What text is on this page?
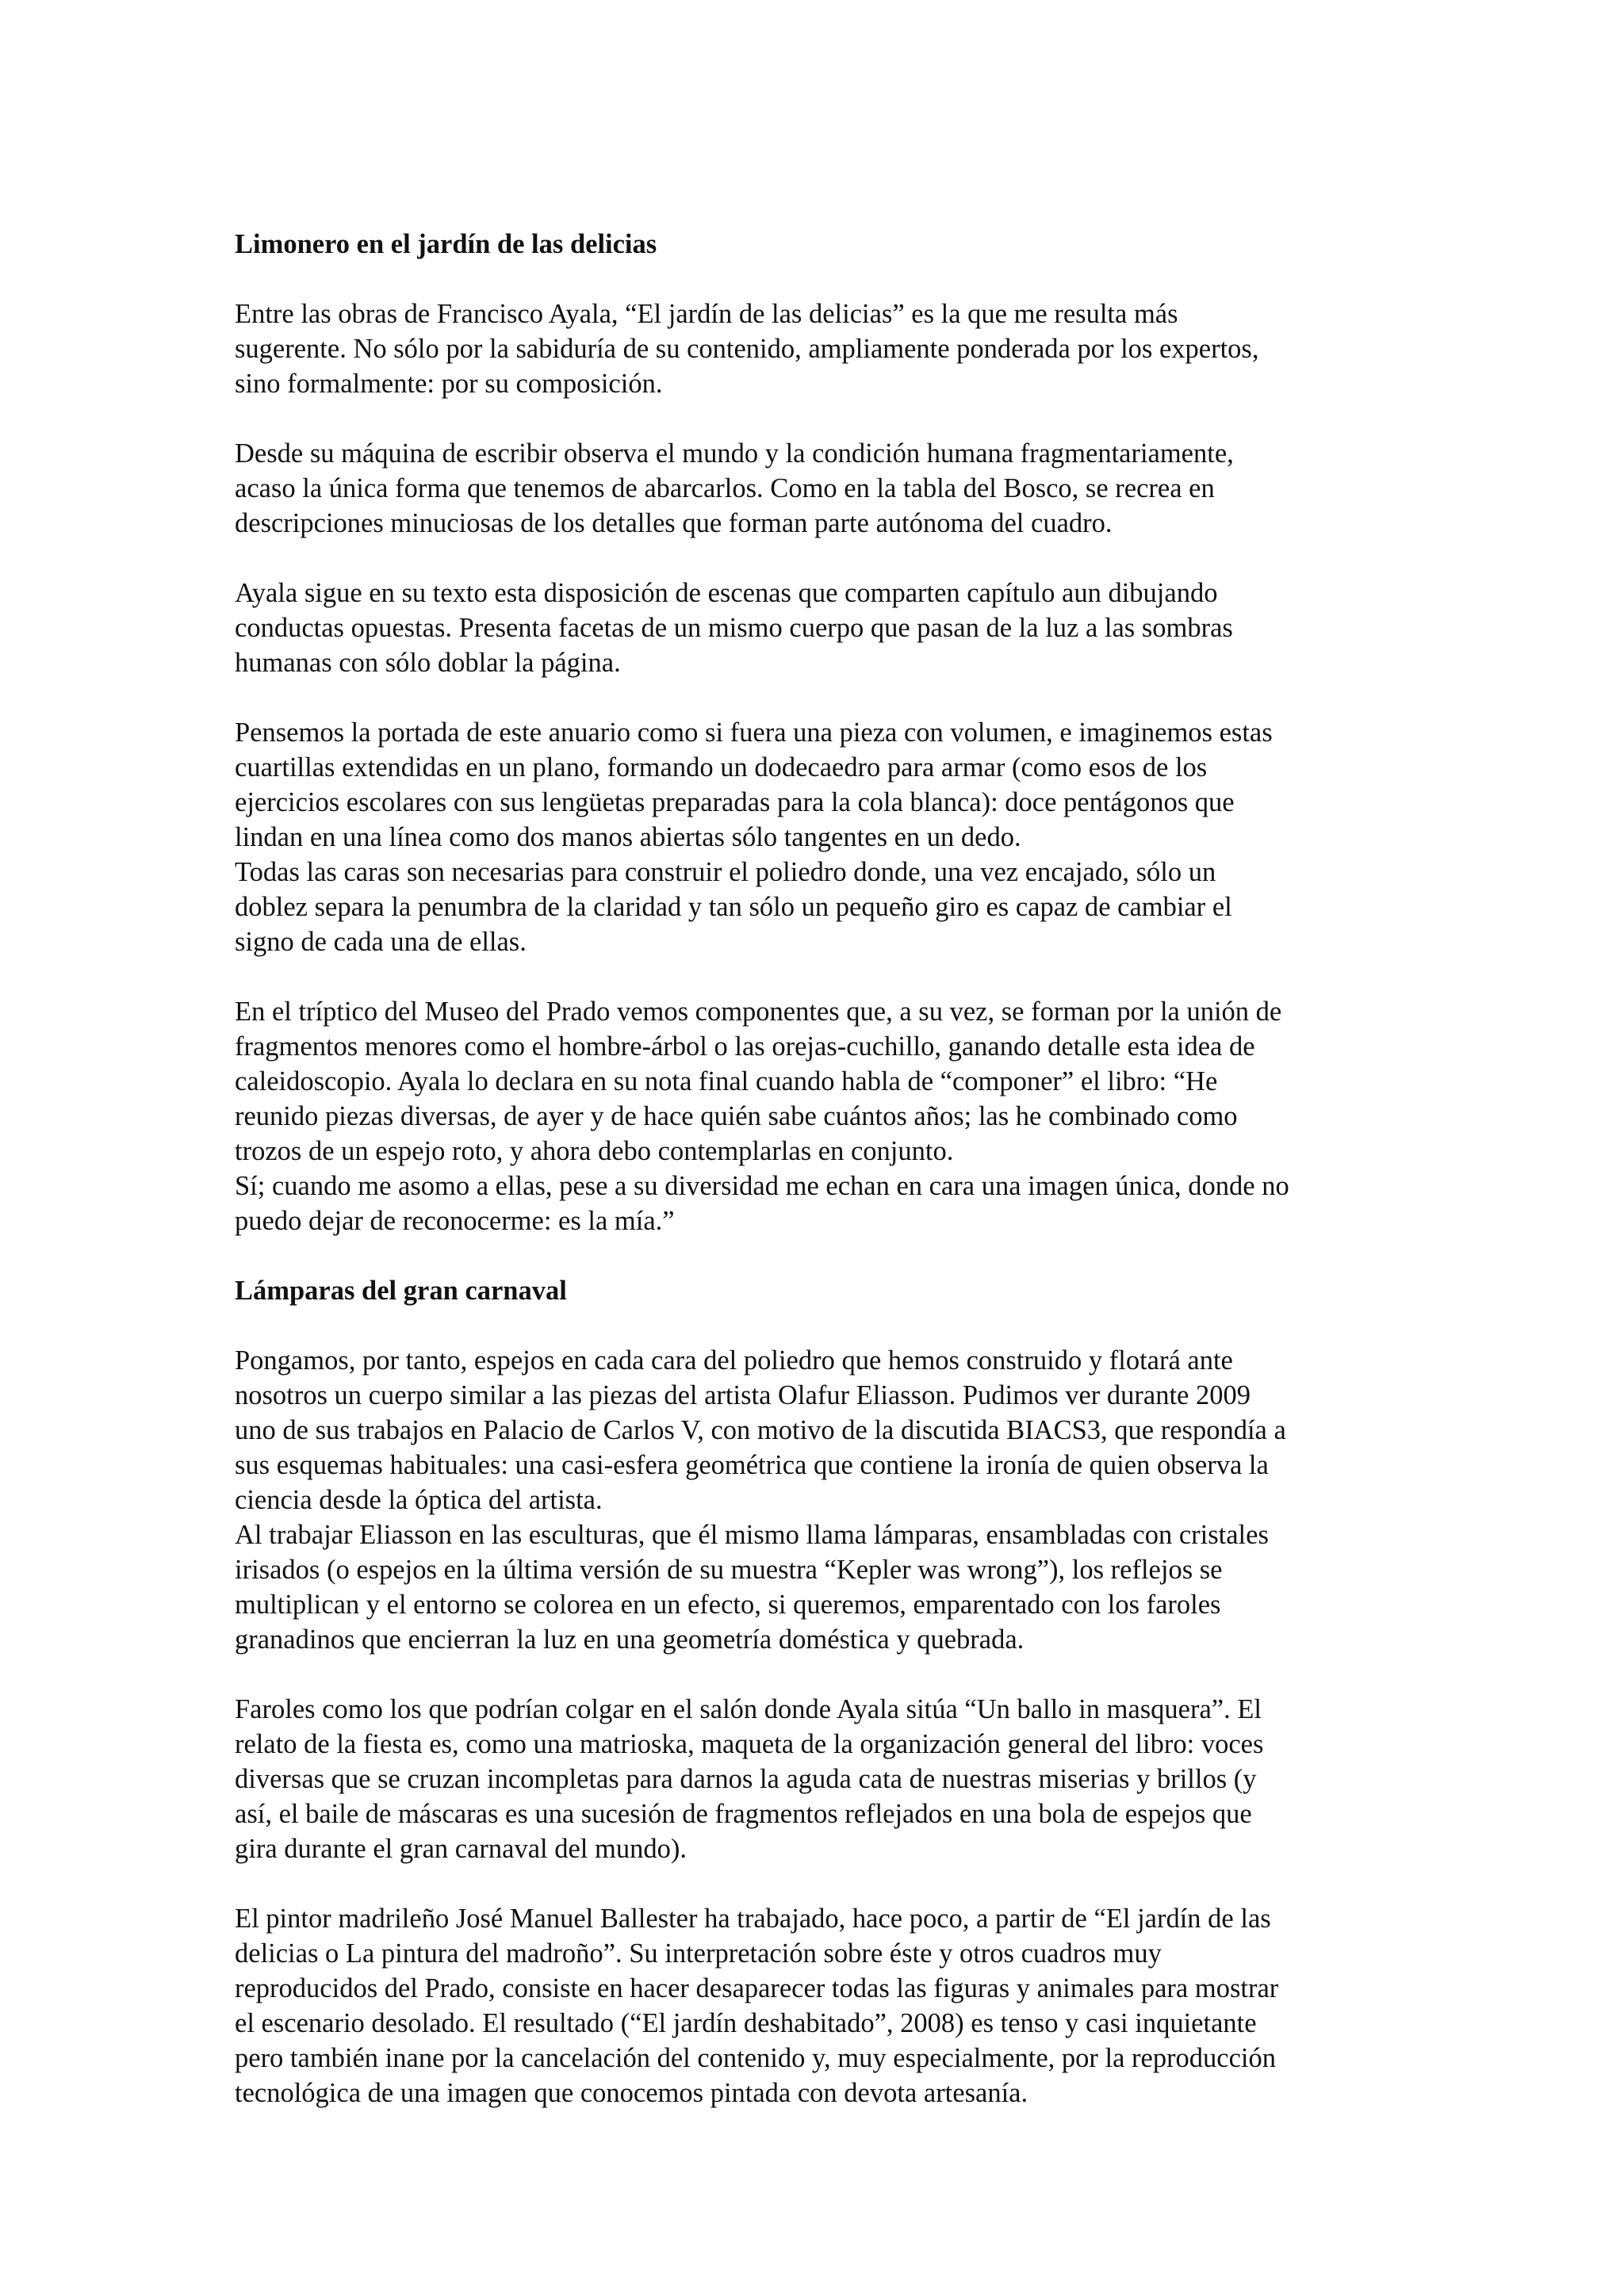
Limonero en el jardín de las delicias
Entre las obras de Francisco Ayala, “El jardín de las delicias” es la que me resulta más
sugerente. No sólo por la sabiduría de su contenido, ampliamente ponderada por los expertos,
sino formalmente: por su composición.
Desde su máquina de escribir observa el mundo y la condición humana fragmentariamente,
acaso la única forma que tenemos de abarcarlos. Como en la tabla del Bosco, se recrea en
descripciones minuciosas de los detalles que forman parte autónoma del cuadro.
Ayala sigue en su texto esta disposición de escenas que comparten capítulo aun dibujando
conductas opuestas. Presenta facetas de un mismo cuerpo que pasan de la luz a las sombras
humanas con sólo doblar la página.
Pensemos la portada de este anuario como si fuera una pieza con volumen, e imaginemos estas
cuartillas extendidas en un plano, formando un dodecaedro para armar (como esos de los
ejercicios escolares con sus lengüetas preparadas para la cola blanca): doce pentágonos que
lindan en una línea como dos manos abiertas sólo tangentes en un dedo.
Todas las caras son necesarias para construir el poliedro donde, una vez encajado, sólo un
doblez separa la penumbra de la claridad y tan sólo un pequeño giro es capaz de cambiar el
signo de cada una de ellas.
En el tríptico del Museo del Prado vemos componentes que, a su vez, se forman por la unión de
fragmentos menores como el hombre-árbol o las orejas-cuchillo, ganando detalle esta idea de
caleidoscopio. Ayala lo declara en su nota final cuando habla de “componer” el libro: “He
reunido piezas diversas, de ayer y de hace quién sabe cuántos años; las he combinado como
trozos de un espejo roto, y ahora debo contemplarlas en conjunto.
Sí; cuando me asomo a ellas, pese a su diversidad me echan en cara una imagen única, donde no
puedo dejar de reconocerme: es la mía.”
Lámparas del gran carnaval
Pongamos, por tanto, espejos en cada cara del poliedro que hemos construido y flotará ante
nosotros un cuerpo similar a las piezas del artista Olafur Eliasson. Pudimos ver durante 2009
uno de sus trabajos en Palacio de Carlos V, con motivo de la discutida BIACS3, que respondía a
sus esquemas habituales: una casi-esfera geométrica que contiene la ironía de quien observa la
ciencia desde la óptica del artista.
Al trabajar Eliasson en las esculturas, que él mismo llama lámparas, ensambladas con cristales
irisados (o espejos en la última versión de su muestra “Kepler was wrong”), los reflejos se
multiplican y el entorno se colorea en un efecto, si queremos, emparentado con los faroles
granadinos que encierran la luz en una geometría doméstica y quebrada.
Faroles como los que podrían colgar en el salón donde Ayala sitúa “Un ballo in masquera”. El
relato de la fiesta es, como una matrioska, maqueta de la organización general del libro: voces
diversas que se cruzan incompletas para darnos la aguda cata de nuestras miserias y brillos (y
así, el baile de máscaras es una sucesión de fragmentos reflejados en una bola de espejos que
gira durante el gran carnaval del mundo).
El pintor madrileño José Manuel Ballester ha trabajado, hace poco, a partir de “El jardín de las
delicias o La pintura del madroño”. Su interpretación sobre éste y otros cuadros muy
reproducidos del Prado, consiste en hacer desaparecer todas las figuras y animales para mostrar
el escenario desolado. El resultado (“El jardín deshabitado”, 2008) es tenso y casi inquietante
pero también inane por la cancelación del contenido y, muy especialmente, por la reproducción
tecnológica de una imagen que conocemos pintada con devota artesanía.
